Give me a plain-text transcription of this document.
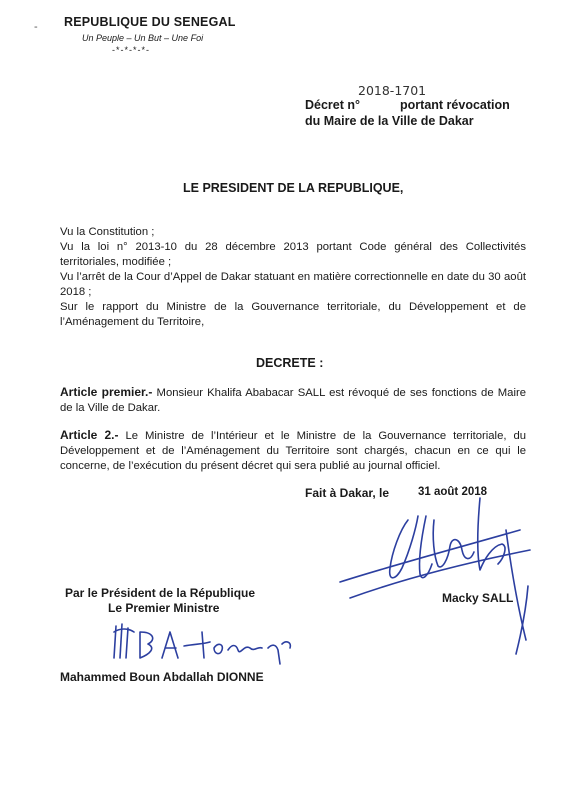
- REPUBLIQUE DU SENEGAL
Un Peuple – Un But – Une Foi
-*-*-*-*-
2018-1701
Décret n°	portant révocation
du Maire de la Ville de Dakar
LE PRESIDENT DE LA REPUBLIQUE,

Vu la Constitution ;

Vu la loi n° 2013-10 du 28 décembre 2013 portant Code général des Collectivités territoriales, modifiée ;

Vu l’arrêt de la Cour d’Appel de Dakar statuant en matière correctionnelle en date du 30 août 2018 ;

Sur le rapport du Ministre de la Gouvernance territoriale, du Développement et de l’Aménagement du Territoire,

DECRETE :
Article premier.- Monsieur Khalifa Ababacar SALL est révoqué de ses fonctions de Maire de la Ville de Dakar.
Article 2.- Le Ministre de l’Intérieur et le Ministre de la Gouvernance territoriale, du Développement et de l’Aménagement du Territoire sont chargés, chacun en ce qui le concerne, de l’exécution du présent décret qui sera publié au journal officiel.
Fait à Dakar, le	31 août 2018
Macky SALL
Par le Président de la République
Le Premier Ministre
Mahammed Boun Abdallah DIONNE
